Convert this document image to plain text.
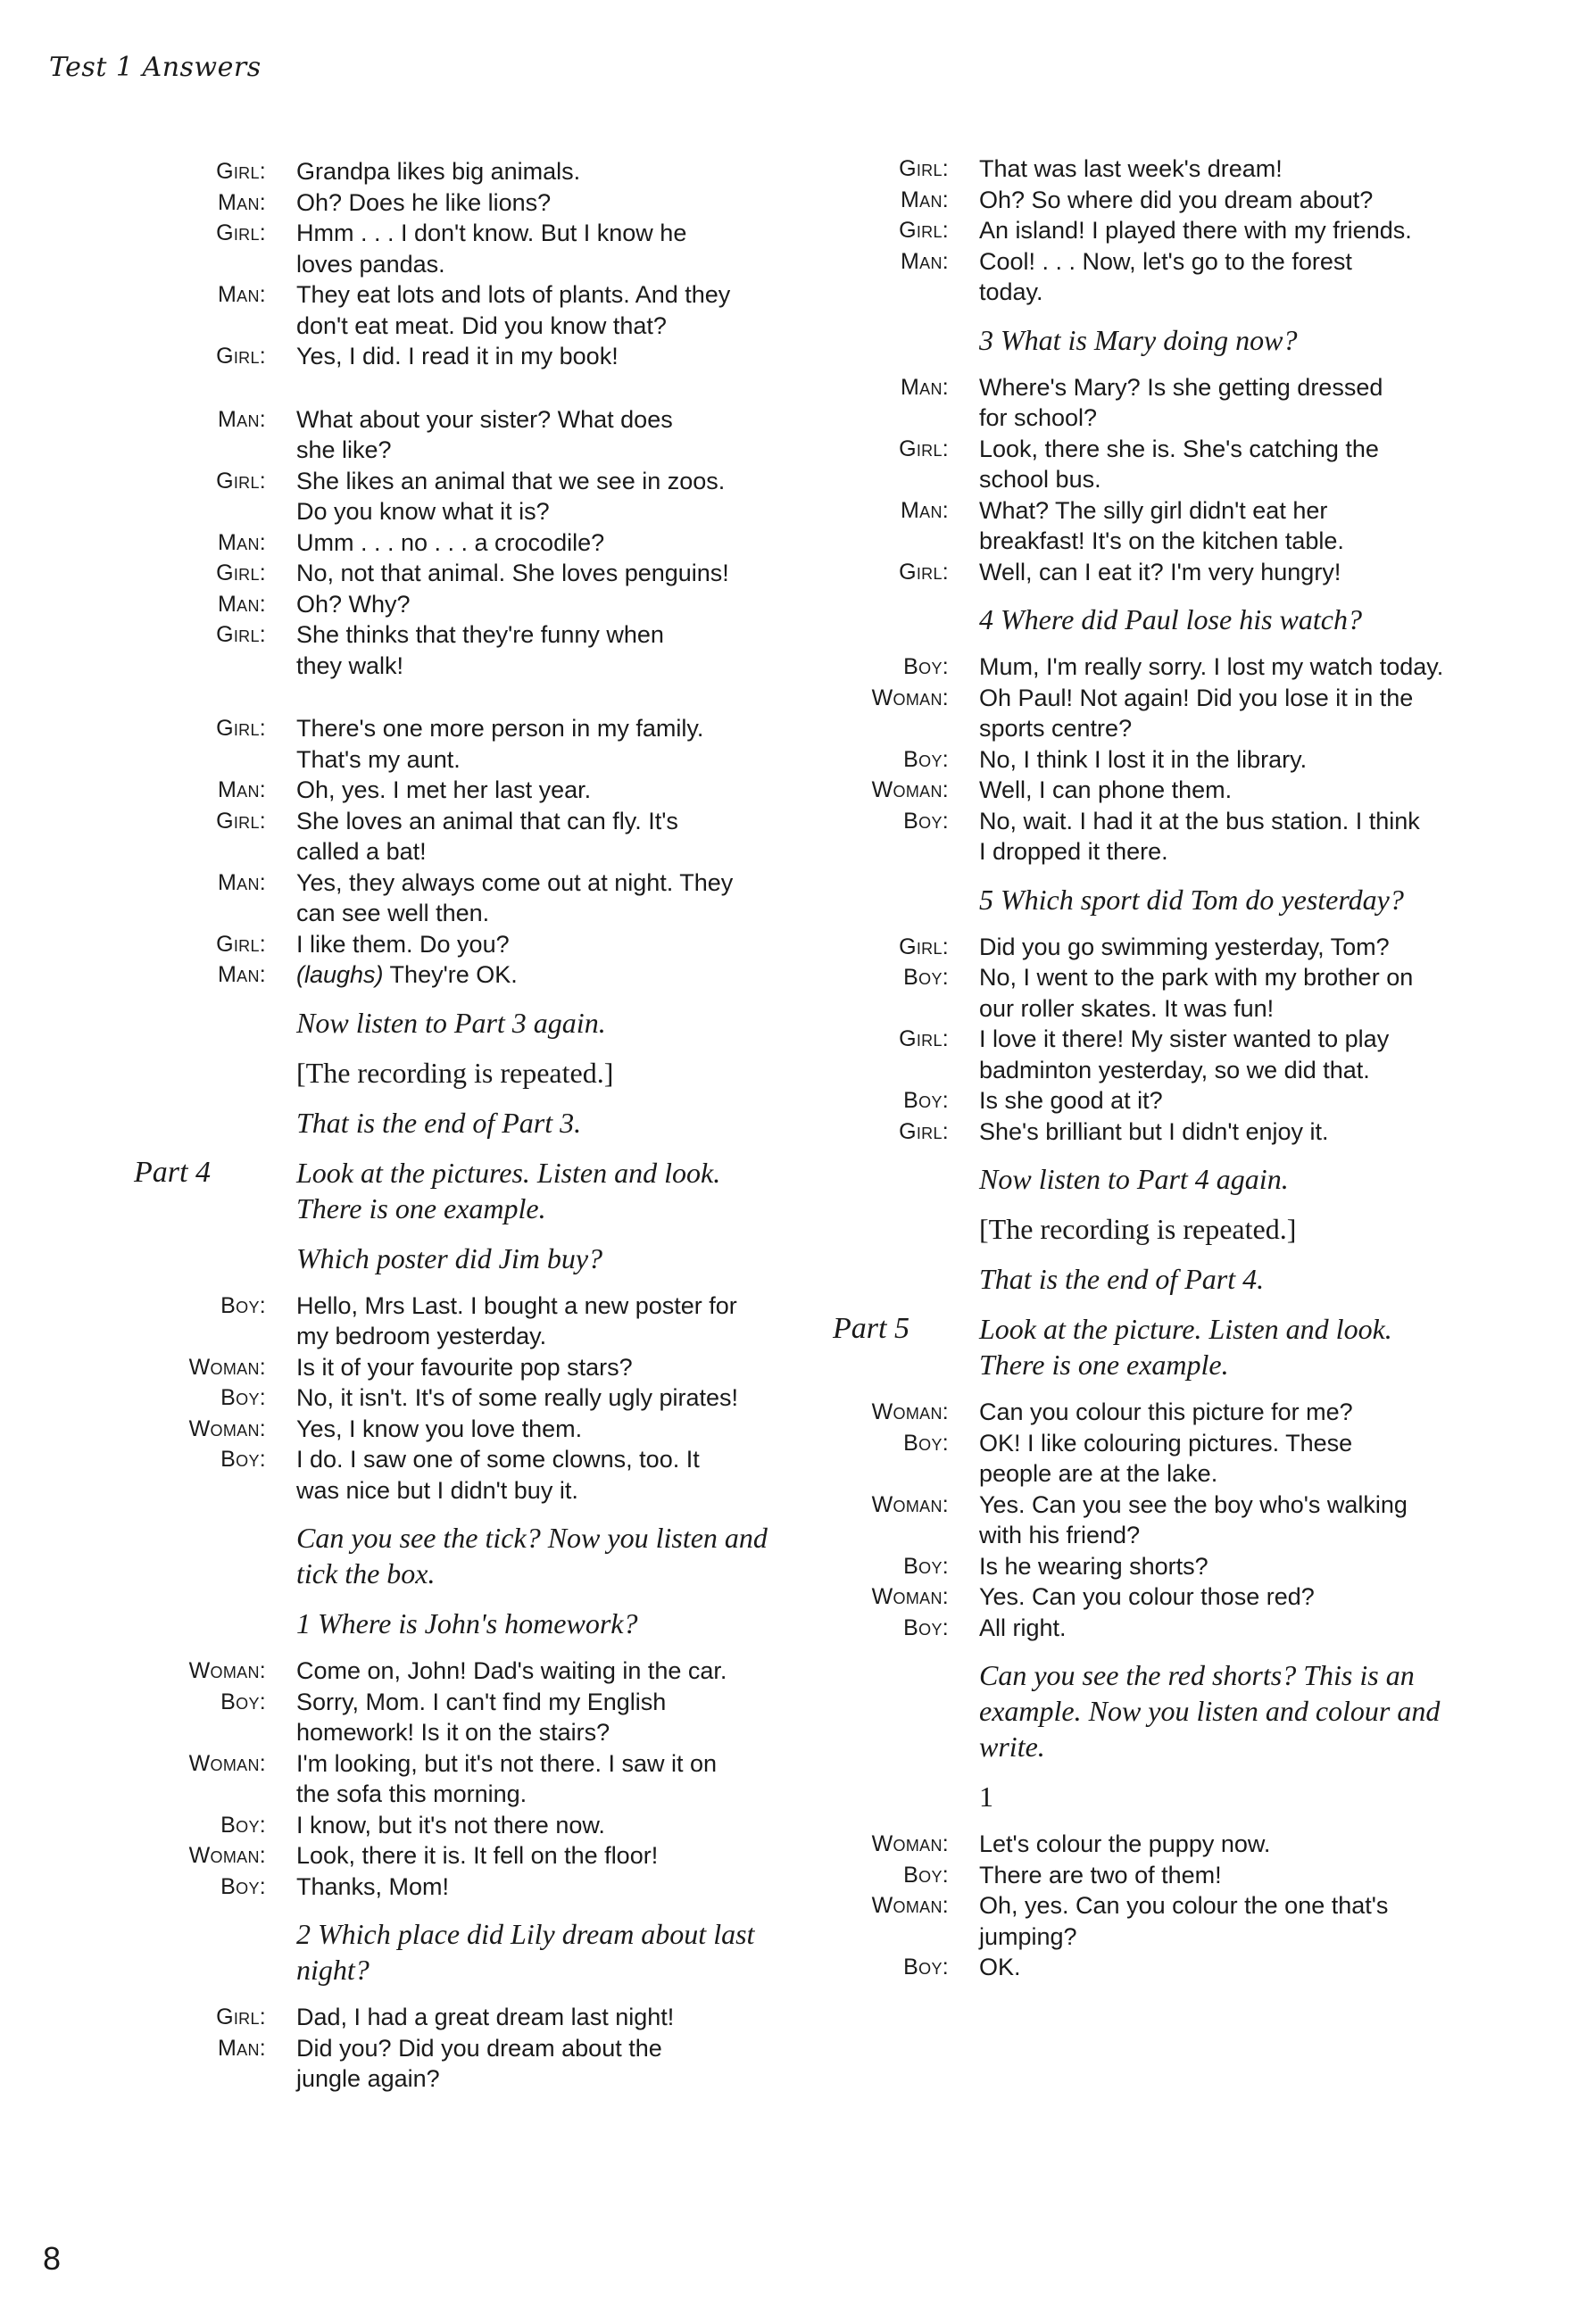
Test 1 Answers
Girl:	Grandpa likes big animals.
Man:	Oh? Does he like lions?
Girl:	Hmm . . . I don't know. But I know he
loves pandas.
Man:	They eat lots and lots of plants. And they
don't eat meat. Did you know that?
Girl:	Yes, I did. I read it in my book!
Man:	What about your sister? What does
she like?
Girl:	She likes an animal that we see in zoos.
Do you know what it is?
Man:	Umm . . . no . . . a crocodile?
Girl:	No, not that animal. She loves penguins!
Man:	Oh? Why?
Girl:	She thinks that they're funny when
they walk!
Girl:	There's one more person in my family.
That's my aunt.
Man:	Oh, yes. I met her last year.
Girl:	She loves an animal that can fly. It's
called a bat!
Man:	Yes, they always come out at night. They
can see well then.
Girl:	I like them. Do you?
Man:	(laughs) They're OK.
Now listen to Part 3 again.
[The recording is repeated.]
That is the end of Part 3.
Part 4	Look at the pictures. Listen and look.
There is one example.
Which poster did Jim buy?
Boy:	Hello, Mrs Last. I bought a new poster for
my bedroom yesterday.
Woman:	Is it of your favourite pop stars?
Boy:	No, it isn't. It's of some really ugly pirates!
Woman:	Yes, I know you love them.
Boy:	I do. I saw one of some clowns, too. It
was nice but I didn't buy it.
Can you see the tick? Now you listen and tick the box.
1 Where is John's homework?
Woman:	Come on, John! Dad's waiting in the car.
Boy:	Sorry, Mom. I can't find my English
homework! Is it on the stairs?
Woman:	I'm looking, but it's not there. I saw it on
the sofa this morning.
Boy:	I know, but it's not there now.
Woman:	Look, there it is. It fell on the floor!
Boy:	Thanks, Mom!
2 Which place did Lily dream about last night?
Girl:	Dad, I had a great dream last night!
Man:	Did you? Did you dream about the
jungle again?
Girl:	That was last week's dream!
Man:	Oh? So where did you dream about?
Girl:	An island! I played there with my friends.
Man:	Cool! . . . Now, let's go to the forest
today.
3 What is Mary doing now?
Man:	Where's Mary? Is she getting dressed
for school?
Girl:	Look, there she is. She's catching the
school bus.
Man:	What? The silly girl didn't eat her
breakfast! It's on the kitchen table.
Girl:	Well, can I eat it? I'm very hungry!
4 Where did Paul lose his watch?
Boy:	Mum, I'm really sorry. I lost my watch today.
Woman:	Oh Paul! Not again! Did you lose it in the
sports centre?
Boy:	No, I think I lost it in the library.
Woman:	Well, I can phone them.
Boy:	No, wait. I had it at the bus station. I think
I dropped it there.
5 Which sport did Tom do yesterday?
Girl:	Did you go swimming yesterday, Tom?
Boy:	No, I went to the park with my brother on
our roller skates. It was fun!
Girl:	I love it there! My sister wanted to play
badminton yesterday, so we did that.
Boy:	Is she good at it?
Girl:	She's brilliant but I didn't enjoy it.
Now listen to Part 4 again.
[The recording is repeated.]
That is the end of Part 4.
Part 5	Look at the picture. Listen and look.
There is one example.
Woman:	Can you colour this picture for me?
Boy:	OK! I like colouring pictures. These
people are at the lake.
Woman:	Yes. Can you see the boy who's walking
with his friend?
Boy:	Is he wearing shorts?
Woman:	Yes. Can you colour those red?
Boy:	All right.
Can you see the red shorts? This is an example. Now you listen and colour and write.
1
Woman:	Let's colour the puppy now.
Boy:	There are two of them!
Woman:	Oh, yes. Can you colour the one that's
jumping?
Boy:	OK.
8
